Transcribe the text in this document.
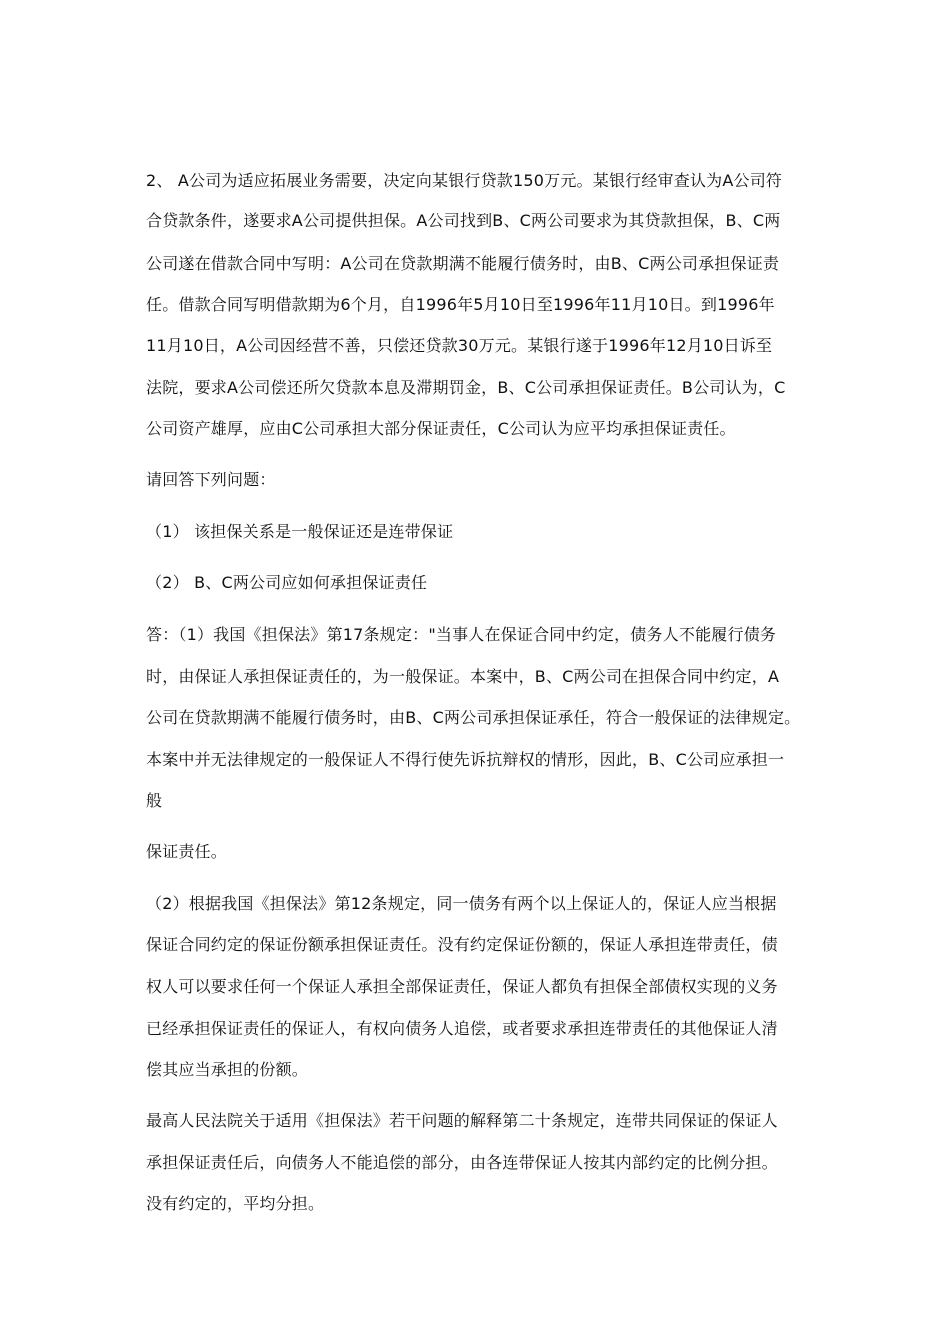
2、 A公司为适应拓展业务需要，决定向某银行贷款150万元。某银行经审查认为A公司符
合贷款条件，遂要求A公司提供担保。A公司找到B、C两公司要求为其贷款担保，B、C两
公司遂在借款合同中写明：A公司在贷款期满不能履行债务时，由B、C两公司承担保证责
任。借款合同写明借款期为6个月，自1996年5月10日至1996年11月10日。到1996年
11月10日，A公司因经营不善，只偿还贷款30万元。某银行遂于1996年12月10日诉至
法院，要求A公司偿还所欠贷款本息及滞期罚金，B、C公司承担保证责任。B公司认为，C
公司资产雄厚，应由C公司承担大部分保证责任，C公司认为应平均承担保证责任。
请回答下列问题：
（1） 该担保关系是一般保证还是连带保证
（2） B、C两公司应如何承担保证责任
答：（1）我国《担保法》第17条规定："当事人在保证合同中约定，债务人不能履行债务
时，由保证人承担保证责任的，为一般保证。本案中，B、C两公司在担保合同中约定，A
公司在贷款期满不能履行债务时，由B、C两公司承担保证承任，符合一般保证的法律规定。
本案中并无法律规定的一般保证人不得行使先诉抗辩权的情形，因此，B、C公司应承担一
般
保证责任。
（2）根据我国《担保法》第12条规定，同一债务有两个以上保证人的，保证人应当根据
保证合同约定的保证份额承担保证责任。没有约定保证份额的，保证人承担连带责任，债
权人可以要求任何一个保证人承担全部保证责任，保证人都负有担保全部债权实现的义务
已经承担保证责任的保证人，有权向债务人追偿，或者要求承担连带责任的其他保证人清
偿其应当承担的份额。
最高人民法院关于适用《担保法》若干问题的解释第二十条规定，连带共同保证的保证人
承担保证责任后，向债务人不能追偿的部分，由各连带保证人按其内部约定的比例分担。
没有约定的，平均分担。
